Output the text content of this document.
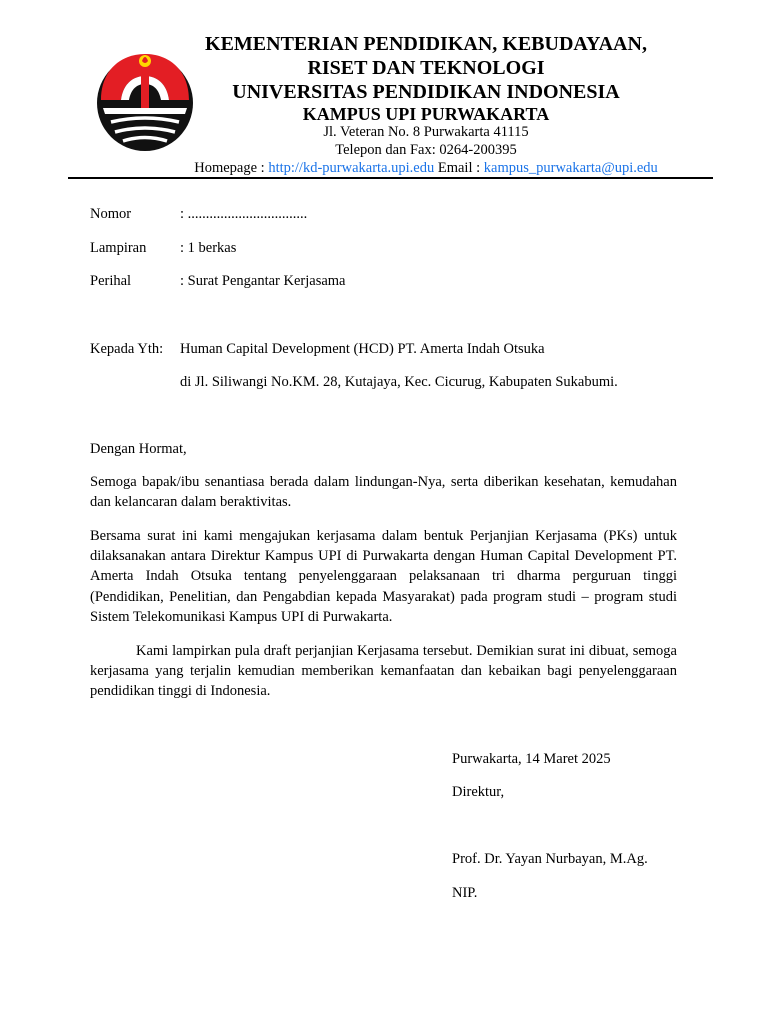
KEMENTERIAN PENDIDIKAN, KEBUDAYAAN,
RISET DAN TEKNOLOGI
UNIVERSITAS PENDIDIKAN INDONESIA
KAMPUS UPI PURWAKARTA
Jl. Veteran No. 8 Purwakarta 41115
Telepon dan Fax: 0264-200395
Homepage : http://kd-purwakarta.upi.edu Email : kampus_purwakarta@upi.edu
Nomor	: .................................
Lampiran : 1 berkas
Perihal	: Surat Pengantar Kerjasama
Kepada Yth: Human Capital Development (HCD) PT. Amerta Indah Otsuka
di Jl. Siliwangi No.KM. 28, Kutajaya, Kec. Cicurug, Kabupaten Sukabumi.
Dengan Hormat,
Semoga bapak/ibu senantiasa berada dalam lindungan-Nya, serta diberikan kesehatan, kemudahan dan kelancaran dalam beraktivitas.
Bersama surat ini kami mengajukan kerjasama dalam bentuk Perjanjian Kerjasama (PKs) untuk dilaksanakan antara Direktur Kampus UPI di Purwakarta dengan Human Capital Development PT. Amerta Indah Otsuka tentang penyelenggaraan pelaksanaan tri dharma perguruan tinggi (Pendidikan, Penelitian, dan Pengabdian kepada Masyarakat) pada program studi – program studi Sistem Telekomunikasi Kampus UPI di Purwakarta.
Kami lampirkan pula draft perjanjian Kerjasama tersebut. Demikian surat ini dibuat, semoga kerjasama yang terjalin kemudian memberikan kemanfaatan dan kebaikan bagi penyelenggaraan pendidikan tinggi di Indonesia.
Purwakarta, 14 Maret 2025
Direktur,
Prof. Dr. Yayan Nurbayan, M.Ag.
NIP.
